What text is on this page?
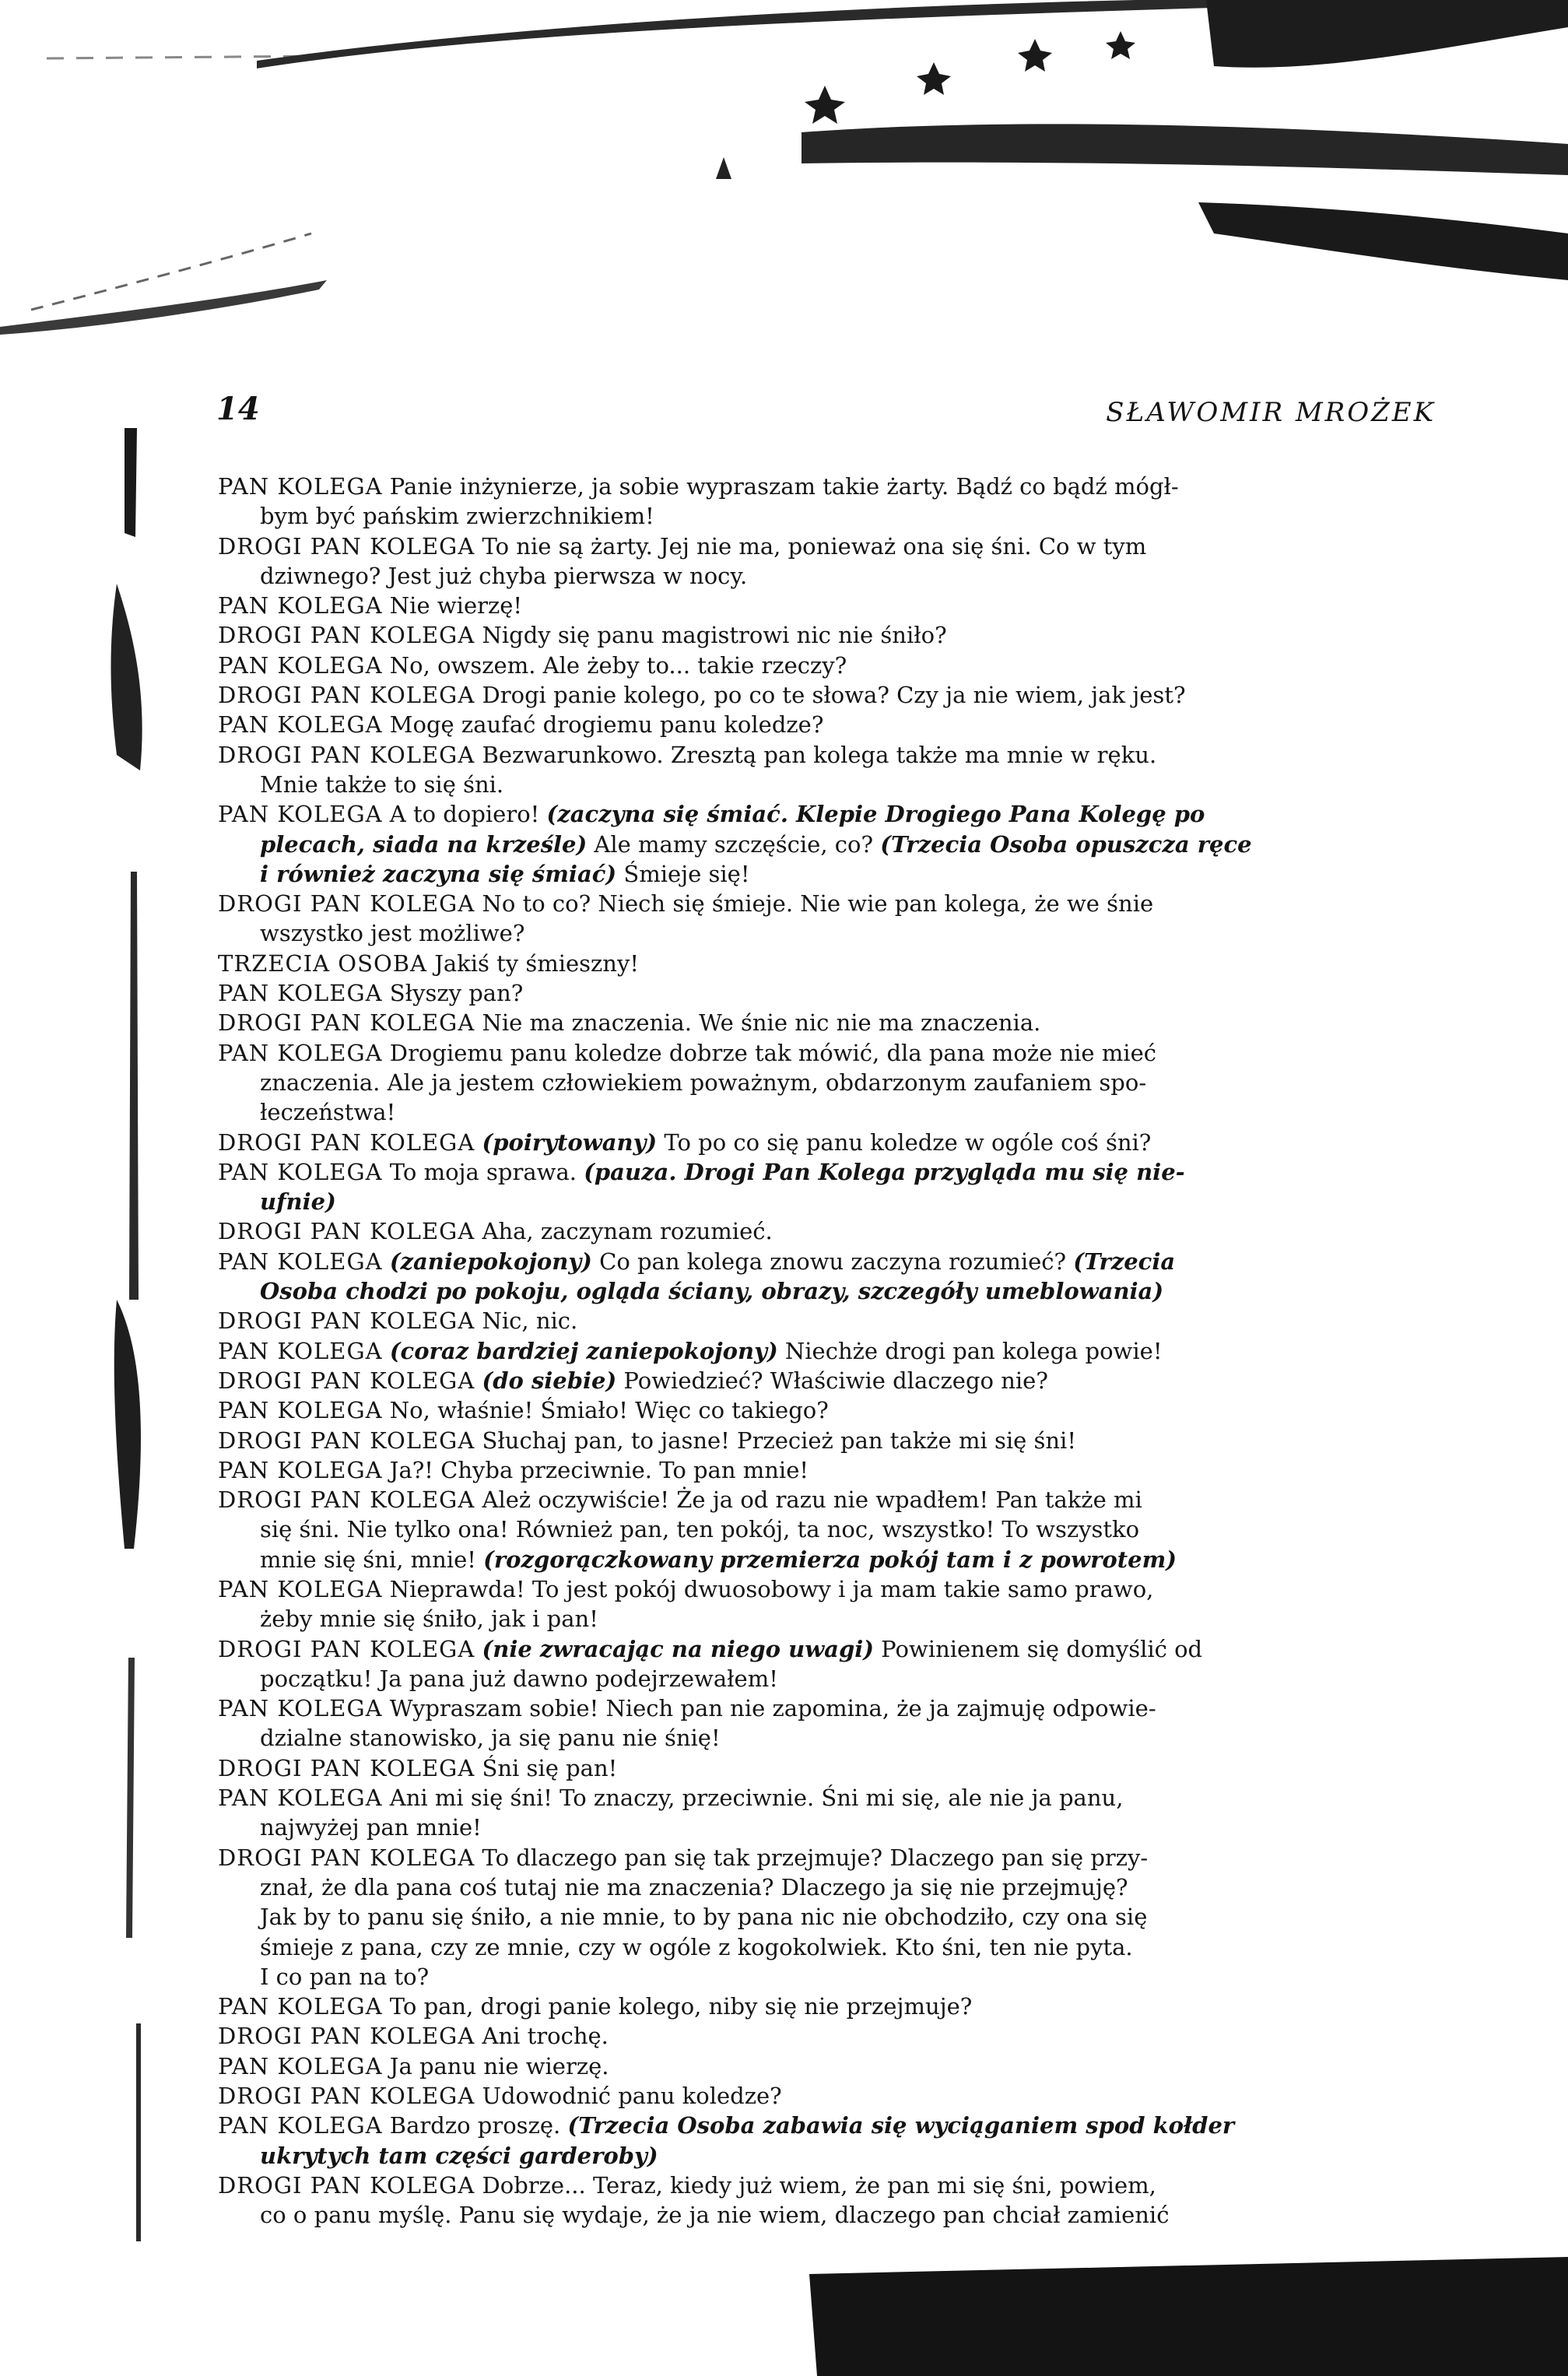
14	SŁAWOMIR MROŻEK

PAN KOLEGA Panie inżynierze, ja sobie wypraszam takie żarty. Bądź co bądź mógł-
bym być pańskim zwierzchnikiem!

DROGI PAN KOLEGA To nie są żarty. Jej nie ma, ponieważ ona się śni. Co w tym
dziwnego? Jest już chyba pierwsza w nocy.

PAN KOLEGA Nie wierzę!

DROGI PAN KOLEGA Nigdy się panu magistrowi nic nie śniło?

PAN KOLEGA No, owszem. Ale żeby to... takie rzeczy?

DROGI PAN KOLEGA Drogi panie kolego, po co te słowa? Czy ja nie wiem, jak jest?

PAN KOLEGA Mogę zaufać drogiemu panu koledze?

DROGI PAN KOLEGA Bezwarunkowo. Zresztą pan kolega także ma mnie w ręku.
Mnie także to się śni.

PAN KOLEGA A to dopiero! (zaczyna się śmiać. Klepie Drogiego Pana Kolegę po
plecach, siada na krześle) Ale mamy szczęście, co? (Trzecia Osoba opuszcza ręce
i również zaczyna się śmiać) Śmieje się!

DROGI PAN KOLEGA No to co? Niech się śmieje. Nie wie pan kolega, że we śnie
wszystko jest możliwe?

TRZECIA OSOBA Jakiś ty śmieszny!

PAN KOLEGA Słyszy pan?

DROGI PAN KOLEGA Nie ma znaczenia. We śnie nic nie ma znaczenia.

PAN KOLEGA Drogiemu panu koledze dobrze tak mówić, dla pana może nie mieć
znaczenia. Ale ja jestem człowiekiem poważnym, obdarzonym zaufaniem spo-
łeczeństwa!

DROGI PAN KOLEGA (poirytowany) To po co się panu koledze w ogóle coś śni?

PAN KOLEGA To moja sprawa. (pauza. Drogi Pan Kolega przygląda mu się nie-
ufnie)

DROGI PAN KOLEGA Aha, zaczynam rozumieć.

PAN KOLEGA (zaniepokojony) Co pan kolega znowu zaczyna rozumieć? (Trzecia
Osoba chodzi po pokoju, ogląda ściany, obrazy, szczegóły umeblowania)

DROGI PAN KOLEGA Nic, nic.

PAN KOLEGA (coraz bardziej zaniepokojony) Niechże drogi pan kolega powie!

DROGI PAN KOLEGA (do siebie) Powiedzieć? Właściwie dlaczego nie?

PAN KOLEGA No, właśnie! Śmiało! Więc co takiego?

DROGI PAN KOLEGA Słuchaj pan, to jasne! Przecież pan także mi się śni!

PAN KOLEGA Ja?! Chyba przeciwnie. To pan mnie!

DROGI PAN KOLEGA Ależ oczywiście! Że ja od razu nie wpadłem! Pan także mi
się śni. Nie tylko ona! Również pan, ten pokój, ta noc, wszystko! To wszystko
mnie się śni, mnie! (rozgorączkowany przemierza pokój tam i z powrotem)

PAN KOLEGA Nieprawda! To jest pokój dwuosobowy i ja mam takie samo prawo,
żeby mnie się śniło, jak i pan!

DROGI PAN KOLEGA (nie zwracając na niego uwagi) Powinienem się domyślić od
początku! Ja pana już dawno podejrzewałem!

PAN KOLEGA Wypraszam sobie! Niech pan nie zapomina, że ja zajmuję odpowie-
dzialne stanowisko, ja się panu nie śnię!

DROGI PAN KOLEGA Śni się pan!

PAN KOLEGA Ani mi się śni! To znaczy, przeciwnie. Śni mi się, ale nie ja panu,
najwyżej pan mnie!

DROGI PAN KOLEGA To dlaczego pan się tak przejmuje? Dlaczego pan się przy-
znał, że dla pana coś tutaj nie ma znaczenia? Dlaczego ja się nie przejmuję?
Jak by to panu się śniło, a nie mnie, to by pana nic nie obchodziło, czy ona się
śmieje z pana, czy ze mnie, czy w ogóle z kogokolwiek. Kto śni, ten nie pyta.
I co pan na to?

PAN KOLEGA To pan, drogi panie kolego, niby się nie przejmuje?

DROGI PAN KOLEGA Ani trochę.

PAN KOLEGA Ja panu nie wierzę.

DROGI PAN KOLEGA Udowodnić panu koledze?

PAN KOLEGA Bardzo proszę. (Trzecia Osoba zabawia się wyciąganiem spod kołder
ukrytych tam części garderoby)

DROGI PAN KOLEGA Dobrze... Teraz, kiedy już wiem, że pan mi się śni, powiem,
co o panu myślę. Panu się wydaje, że ja nie wiem, dlaczego pan chciał zamienić
